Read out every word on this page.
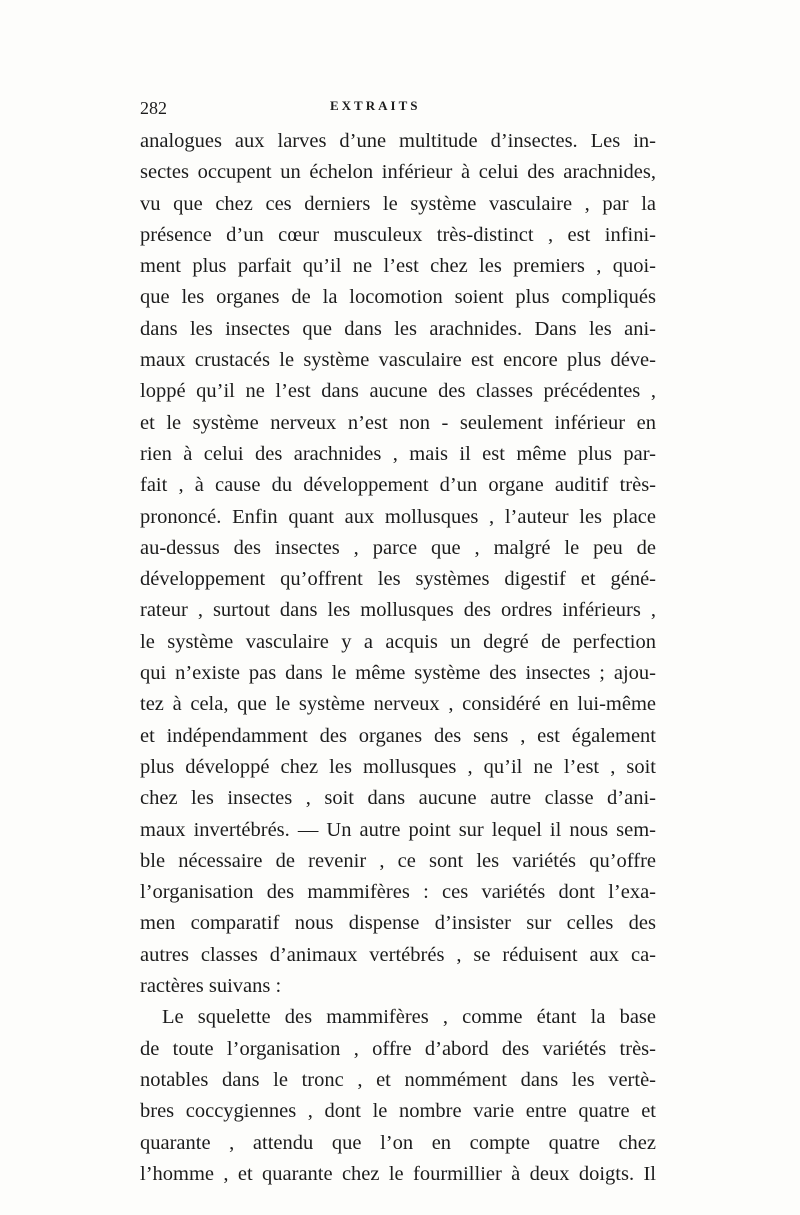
282	EXTRAITS
analogues aux larves d’une multitude d’insectes. Les in-
sectes occupent un échelon inférieur à celui des arachnides,
vu que chez ces derniers le système vasculaire , par la
présence d’un cœur musculeux très-distinct , est infini-
ment plus parfait qu’il ne l’est chez les premiers , quoi-
que les organes de la locomotion soient plus compliqués
dans les insectes que dans les arachnides. Dans les ani-
maux crustacés le système vasculaire est encore plus déve-
loppé qu’il ne l’est dans aucune des classes précédentes ,
et le système nerveux n’est non - seulement inférieur en
rien à celui des arachnides , mais il est même plus par-
fait , à cause du développement d’un organe auditif très-
prononcé. Enfin quant aux mollusques , l’auteur les place
au-dessus des insectes , parce que , malgré le peu de
développement qu’offrent les systèmes digestif et géné-
rateur , surtout dans les mollusques des ordres inférieurs ,
le système vasculaire y a acquis un degré de perfection
qui n’existe pas dans le même système des insectes ; ajou-
tez à cela, que le système nerveux , considéré en lui-même
et indépendamment des organes des sens , est également
plus développé chez les mollusques , qu’il ne l’est , soit
chez les insectes , soit dans aucune autre classe d’ani-
maux invertébrés. — Un autre point sur lequel il nous sem-
ble nécessaire de revenir , ce sont les variétés qu’offre
l’organisation des mammifères : ces variétés dont l’exa-
men comparatif nous dispense d’insister sur celles des
autres classes d’animaux vertébrés , se réduisent aux ca-
ractères suivans :
Le squelette des mammifères , comme étant la base
de toute l’organisation , offre d’abord des variétés très-
notables dans le tronc , et nommément dans les vertè-
bres coccygiennes , dont le nombre varie entre quatre et
quarante , attendu que l’on en compte quatre chez
l’homme , et quarante chez le fourmillier à deux doigts. Il
